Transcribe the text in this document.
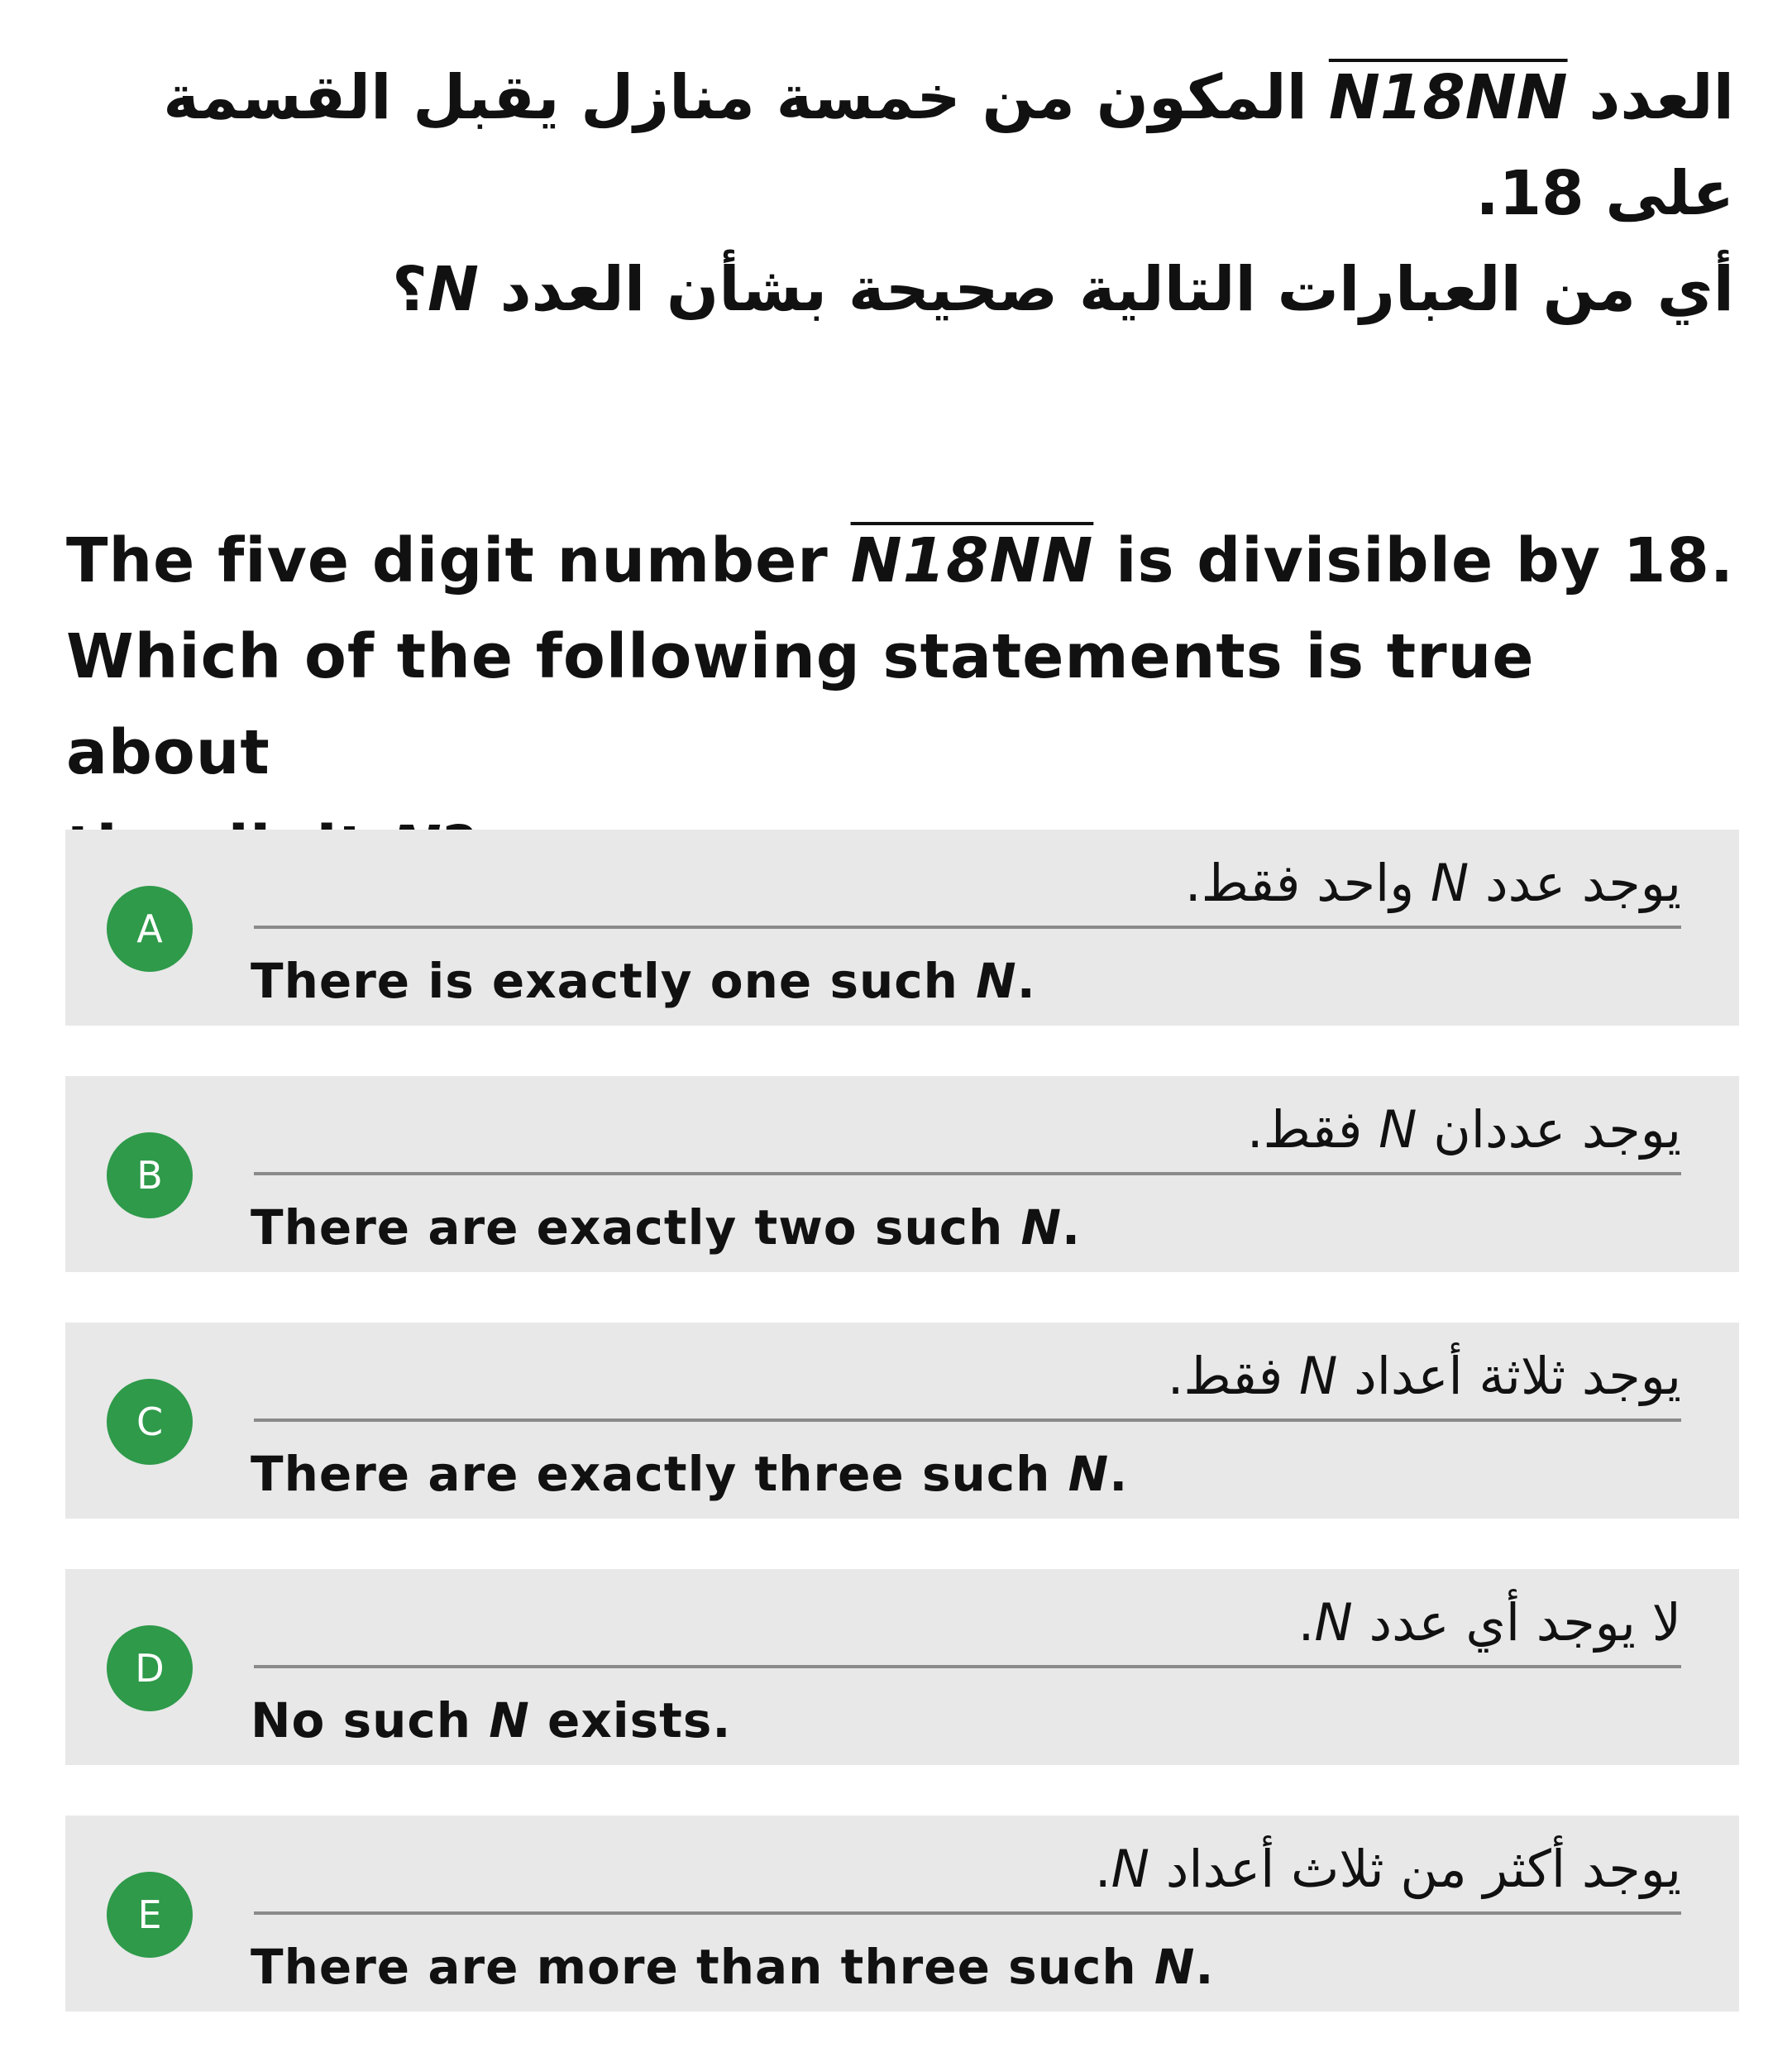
العدد N18NN المكون من خمسة منازل يقبل القسمة على 18.
أي من العبارات التالية صحيحة بشأن العدد N؟
The five digit number N18NN is divisible by 18.
Which of the following statements is true about

A
يوجد عدد N واحد فقط.
There is exactly one such N.
B
يوجد عددان N فقط.
There are exactly two such N.
C
يوجد ثلاثة أعداد N فقط.
There are exactly three such N.
D
لا يوجد أي عدد N.
No such N exists.
E
يوجد أكثر من ثلاث أعداد N.
There are more than three such N.
